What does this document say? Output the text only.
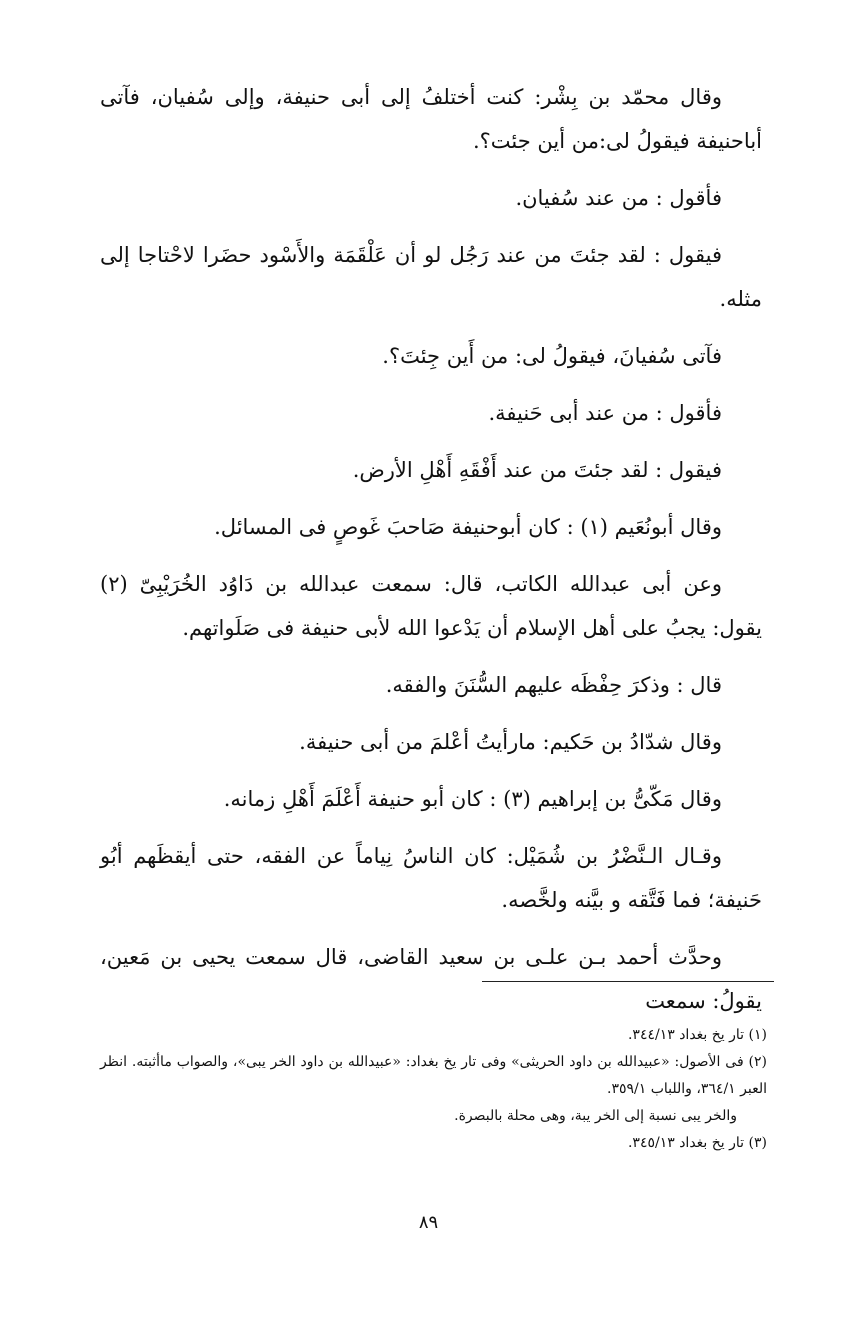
وقال محمّد بن بِشْر: كنت أختلفُ إلى أبى حنيفة، وإلى سُفيان، فآتى أباحنيفة فيقولُ لى:من أين جئت؟.

فأقول : من عند سُفيان.

فيقول : لقد جئتَ من عند رَجُل لو أن عَلْقَمَة والأَسْود حضَرا لاحْتاجا إلى مثله.

فآتى سُفيانَ، فيقولُ لى: من أَين جِئتَ؟.

فأقول : من عند أبى حَنيفة.

فيقول : لقد جئتَ من عند أَفْقَهِ أَهْلِ الأرض.

وقال أبونُعَيم (١) : كان أبوحنيفة صَاحبَ غَوصٍ فى المسائل.

وعن أبى عبدالله الكاتب، قال: سمعت عبدالله بن دَاوُد الخُرَيْبِىّ (٢) يقول: يجبُ على أهل الإسلام أن يَدْعوا الله لأبى حنيفة فى صَلَواتهم.

قال : وذكرَ حِفْظَه عليهم السُّنَنَ والفقه.

وقال شدّادُ بن حَكيم: مارأيتُ أعْلمَ من أبى حنيفة.

وقال مَكّىُّ بن إبراهيم (٣) : كان أبو حنيفة أَعْلَمَ أَهْلِ زمانه.

وقـال الـنَّضْرُ بن شُمَيْل: كان الناسُ نِياماً عن الفقه، حتى أيقظَهم أبُو حَنيفة؛ فما فَتَّقه و بيَّنه ولخَّصه.

وحدَّث أحمد بـن علـى بن سعيد القاضى، قال سمعت يحيى بن مَعين، يقولُ: سمعت

(١) تار يخ بغداد ٣٤٤/١٣.

(٢) فى الأصول: «عبيدالله بن داود الحريثى» وفى تار يخ بغداد: «عبيدالله بن داود الخر يبى»، والصواب ماأثبته. انظر العبر ٣٦٤/١، واللباب ٣٥٩/١.

والخر يبى نسبة إلى الخر يبة، وهى محلة بالبصرة.

(٣) تار يخ بغداد ٣٤٥/١٣.

٨٩
